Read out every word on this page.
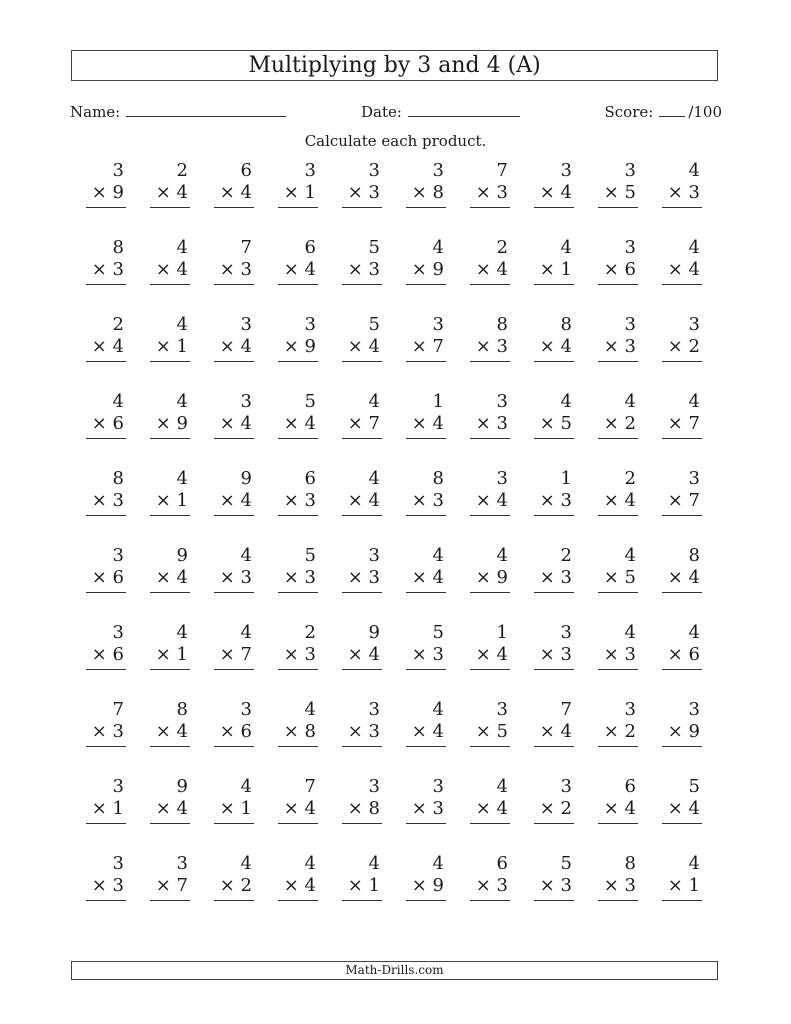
Multiplying by 3 and 4 (A)
Name:	Date:	Score: /100
Calculate each product.
3
× 9
2
× 4
6
× 4
3
× 1
3
× 3
3
× 8
7
× 3
3
× 4
3
× 5
4
× 3
8
× 3
4
× 4
7
× 3
6
× 4
5
× 3
4
× 9
2
× 4
4
× 1
3
× 6
4
× 4
2
× 4
4
× 1
3
× 4
3
× 9
5
× 4
3
× 7
8
× 3
8
× 4
3
× 3
3
× 2
4
× 6
4
× 9
3
× 4
5
× 4
4
× 7
1
× 4
3
× 3
4
× 5
4
× 2
4
× 7
8
× 3
4
× 1
9
× 4
6
× 3
4
× 4
8
× 3
3
× 4
1
× 3
2
× 4
3
× 7
3
× 6
9
× 4
4
× 3
5
× 3
3
× 3
4
× 4
4
× 9
2
× 3
4
× 5
8
× 4
3
× 6
4
× 1
4
× 7
2
× 3
9
× 4
5
× 3
1
× 4
3
× 3
4
× 3
4
× 6
7
× 3
8
× 4
3
× 6
4
× 8
3
× 3
4
× 4
3
× 5
7
× 4
3
× 2
3
× 9
3
× 1
9
× 4
4
× 1
7
× 4
3
× 8
3
× 3
4
× 4
3
× 2
6
× 4
5
× 4
3
× 3
3
× 7
4
× 2
4
× 4
4
× 1
4
× 9
6
× 3
5
× 3
8
× 3
4
× 1
Math-Drills.com
